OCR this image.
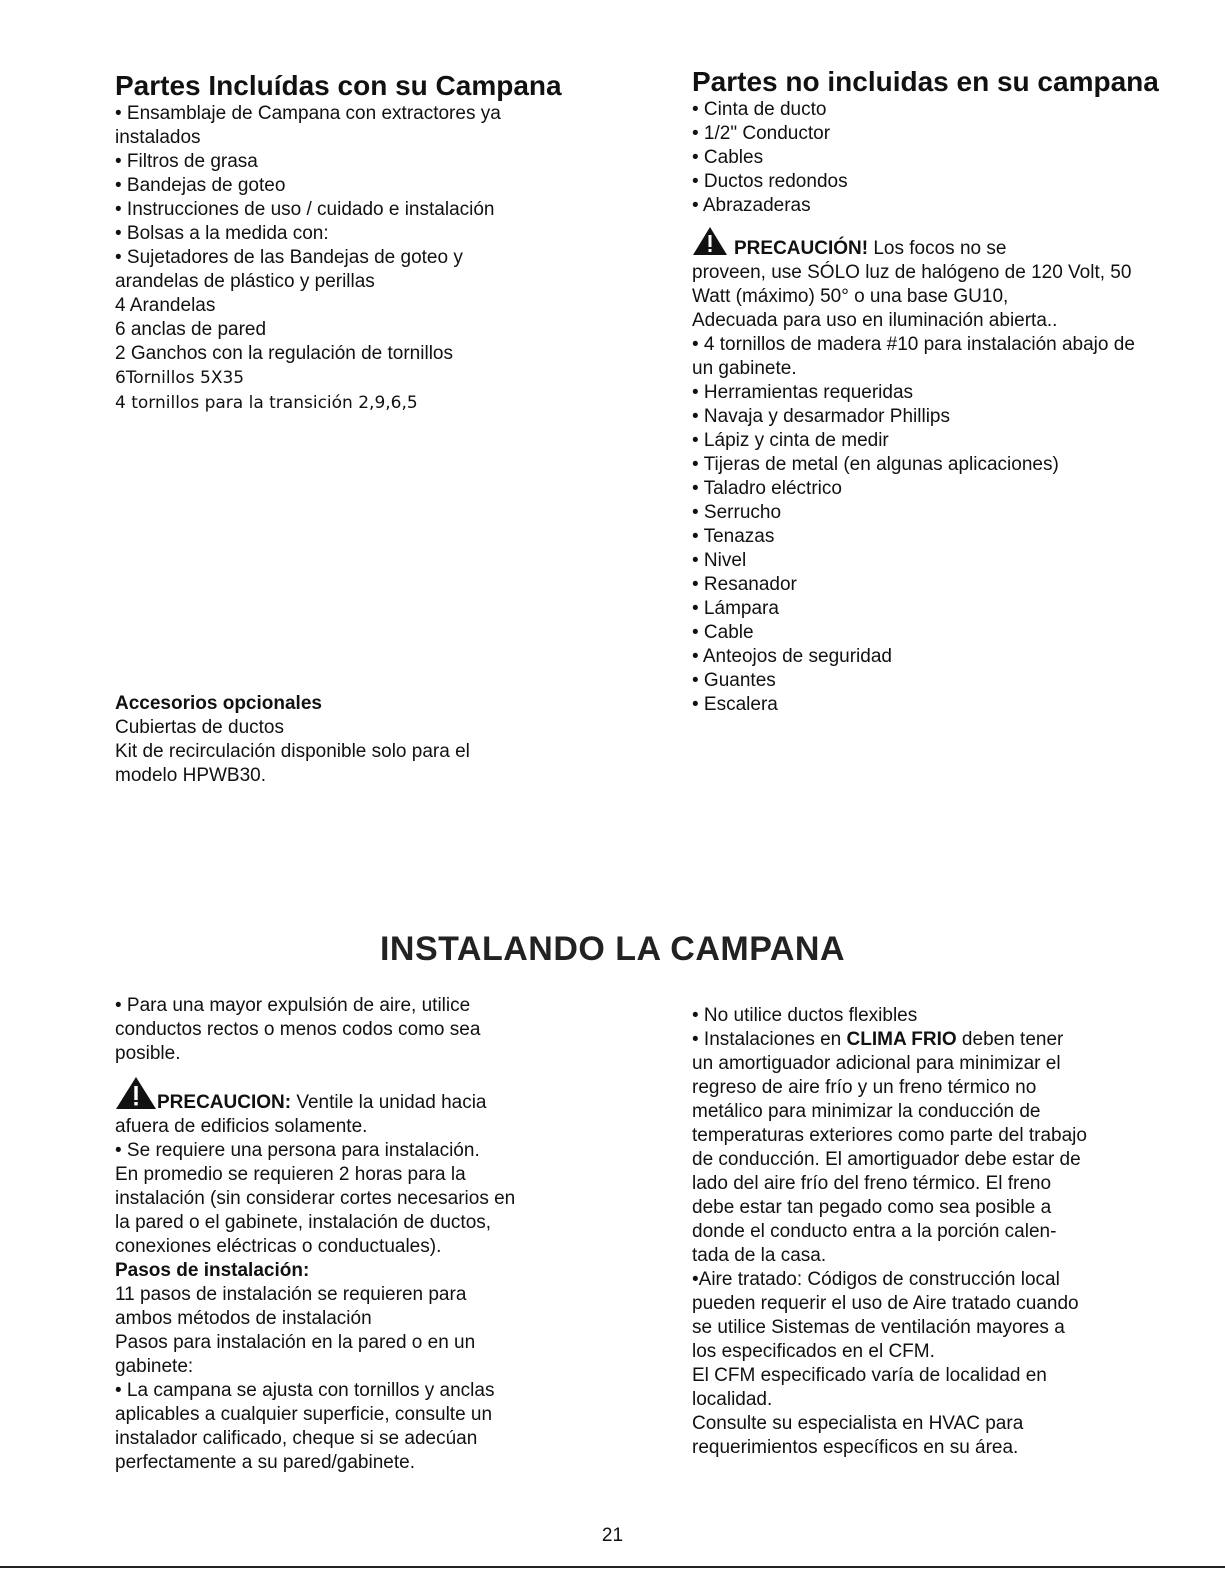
Partes Incluídas con su Campana

• Ensamblaje de Campana con extractores ya

instalados

• Filtros de grasa

• Bandejas de goteo

• Instrucciones de uso / cuidado e instalación

• Bolsas a la medida con:

• Sujetadores de las Bandejas de goteo y

arandelas de plástico y perillas

4 Arandelas

6 anclas de pared

2 Ganchos con la regulación de tornillos

6Tornillos 5X35

4 tornillos para la transición 2,9,6,5

Accesorios opcionales

Cubiertas de ductos

Kit de recirculación disponible solo para el

modelo HPWB30.

Partes no incluidas en su campana

• Cinta de ducto

• 1/2" Conductor

• Cables

• Ductos redondos

• Abrazaderas

PRECAUCIÓN! Los focos no se

proveen, use SÓLO luz de halógeno de 120 Volt, 50

Watt (máximo) 50° o una base GU10,

Adecuada para uso en iluminación abierta..

• 4 tornillos de madera #10 para instalación abajo de

un gabinete.

• Herramientas requeridas

• Navaja y desarmador Phillips

• Lápiz y cinta de medir

• Tijeras de metal (en algunas aplicaciones)

• Taladro eléctrico

• Serrucho

• Tenazas

• Nivel

• Resanador

• Lámpara

• Cable

• Anteojos de seguridad

• Guantes

• Escalera

INSTALANDO LA CAMPANA

• Para una mayor expulsión de aire, utilice

conductos rectos o menos codos como sea

posible.

PRECAUCION: Ventile la unidad hacia

afuera de edificios solamente.

• Se requiere una persona para instalación.

En promedio se requieren 2 horas para la

instalación (sin considerar cortes necesarios en

la pared o el gabinete, instalación de ductos,

conexiones eléctricas o conductuales).

Pasos de instalación:

11 pasos de instalación se requieren para

ambos métodos de instalación

Pasos para instalación en la pared o en un

gabinete:

• La campana se ajusta con tornillos y anclas

aplicables a cualquier superficie, consulte un

instalador calificado, cheque si se adecúan

perfectamente a su pared/gabinete.

• No utilice ductos flexibles

• Instalaciones en CLIMA FRIO deben tener

un amortiguador adicional para minimizar el

regreso de aire frío y un freno térmico no

metálico para minimizar la conducción de

temperaturas exteriores como parte del trabajo

de conducción. El amortiguador debe estar de

lado del aire frío del freno térmico. El freno

debe estar tan pegado como sea posible a

donde el conducto entra a la porción calen-

tada de la casa.

•Aire tratado: Códigos de construcción local

pueden requerir el uso de Aire tratado cuando

se utilice Sistemas de ventilación mayores a

los especificados en el CFM.

El CFM especificado varía de localidad en

localidad.

Consulte su especialista en HVAC para

requerimientos específicos en su área.

21
